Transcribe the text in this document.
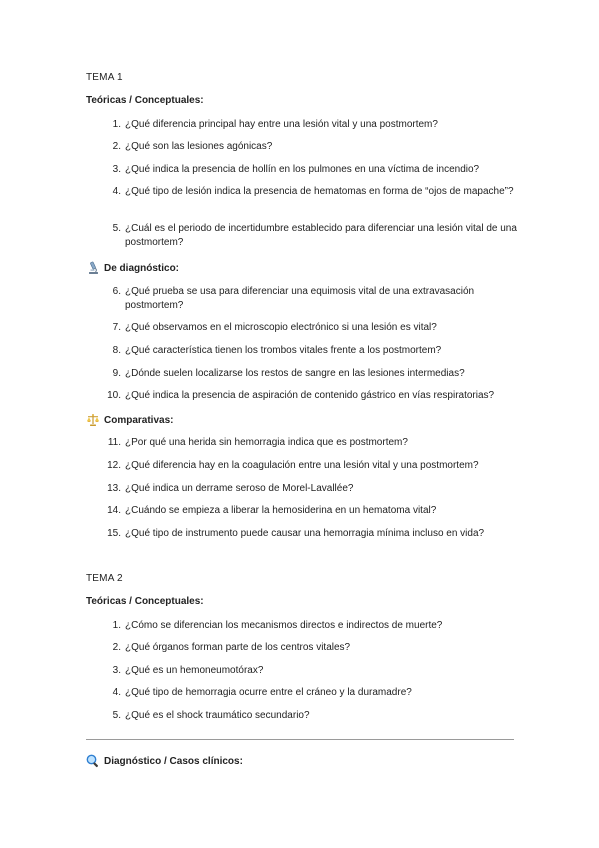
TEMA 1
Teóricas / Conceptuales:
1. ¿Qué diferencia principal hay entre una lesión vital y una postmortem?
2. ¿Qué son las lesiones agónicas?
3. ¿Qué indica la presencia de hollín en los pulmones en una víctima de incendio?
4. ¿Qué tipo de lesión indica la presencia de hematomas en forma de “ojos de mapache”?
5. ¿Cuál es el periodo de incertidumbre establecido para diferenciar una lesión vital de una postmortem?
De diagnóstico:
6. ¿Qué prueba se usa para diferenciar una equimosis vital de una extravasación postmortem?
7. ¿Qué observamos en el microscopio electrónico si una lesión es vital?
8. ¿Qué característica tienen los trombos vitales frente a los postmortem?
9. ¿Dónde suelen localizarse los restos de sangre en las lesiones intermedias?
10. ¿Qué indica la presencia de aspiración de contenido gástrico en vías respiratorias?
Comparativas:
11. ¿Por qué una herida sin hemorragia indica que es postmortem?
12. ¿Qué diferencia hay en la coagulación entre una lesión vital y una postmortem?
13. ¿Qué indica un derrame seroso de Morel-Lavallée?
14. ¿Cuándo se empieza a liberar la hemosiderina en un hematoma vital?
15. ¿Qué tipo de instrumento puede causar una hemorragia mínima incluso en vida?
TEMA 2
Teóricas / Conceptuales:
1. ¿Cómo se diferencian los mecanismos directos e indirectos de muerte?
2. ¿Qué órganos forman parte de los centros vitales?
3. ¿Qué es un hemoneumotórax?
4. ¿Qué tipo de hemorragia ocurre entre el cráneo y la duramadre?
5. ¿Qué es el shock traumático secundario?
Diagnóstico / Casos clínicos:
